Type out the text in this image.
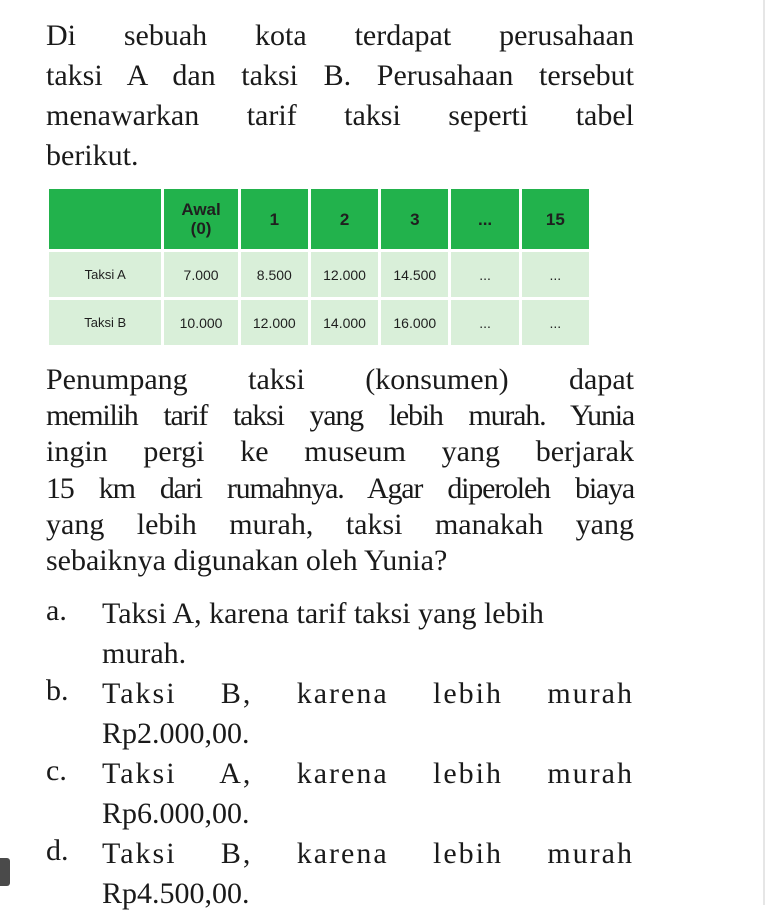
Di sebuah kota terdapat perusahaan
taksi A dan taksi B. Perusahaan tersebut
menawarkan tarif taksi seperti tabel
berikut.

	Awal
(0)	1	2	3	...	15
Taksi A	7.000	8.500	12.000	14.500	...	...
Taksi B	10.000	12.000	14.000	16.000	...	...

Penumpang taksi (konsumen) dapat
memilih tarif taksi yang lebih murah. Yunia
ingin pergi ke museum yang berjarak
15 km dari rumahnya. Agar diperoleh biaya
yang lebih murah, taksi manakah yang
sebaiknya digunakan oleh Yunia?

a. Taksi A, karena tarif taksi yang lebih
murah.
b. Taksi B, karena lebih murah
Rp2.000,00.
c. Taksi A, karena lebih murah
Rp6.000,00.
d. Taksi B, karena lebih murah
Rp4.500,00.
